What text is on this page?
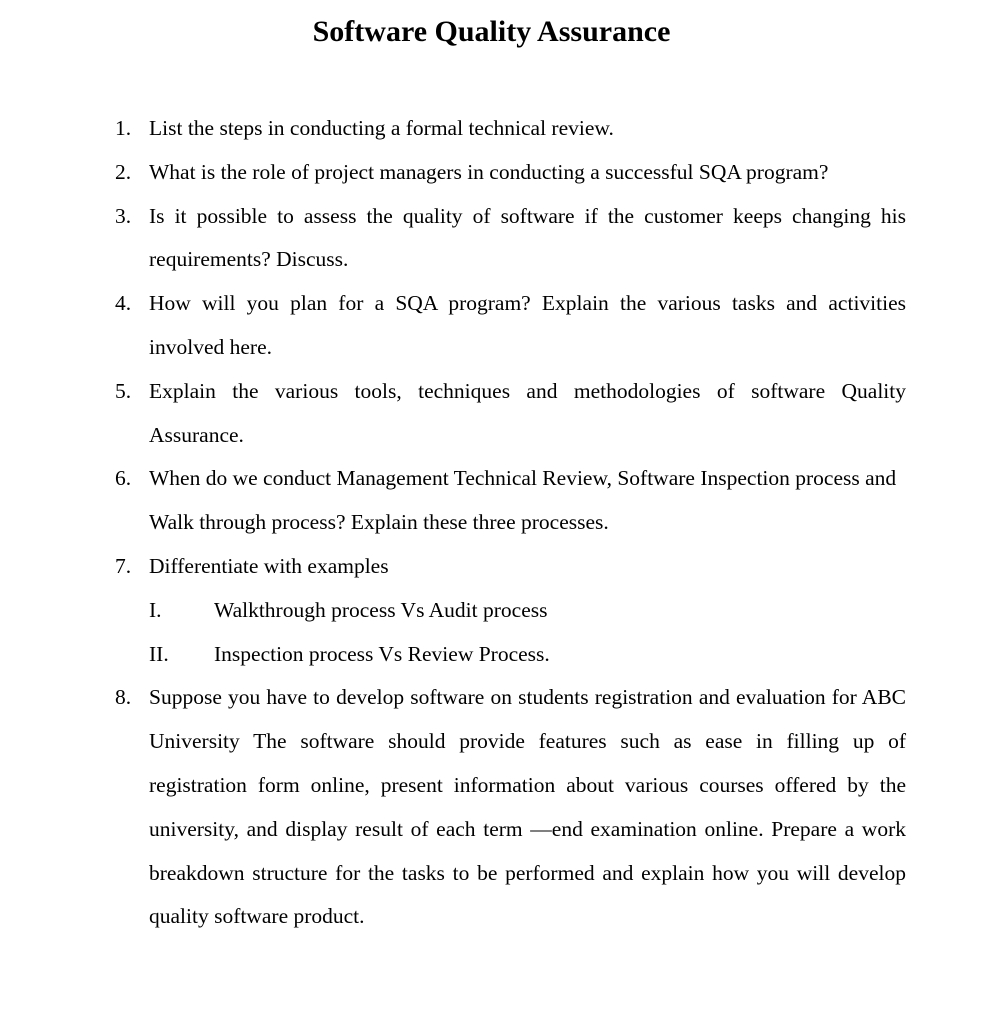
Software Quality Assurance
1. List the steps in conducting a formal technical review.
2. What is the role of project managers in conducting a successful SQA program?
3. Is it possible to assess the quality of software if the customer keeps changing his requirements? Discuss.
4. How will you plan for a SQA program? Explain the various tasks and activities involved here.
5. Explain the various tools, techniques and methodologies of software Quality Assurance.
6. When do we conduct Management Technical Review, Software Inspection process and Walk through process? Explain these three processes.
7. Differentiate with examples
I. Walkthrough process Vs Audit process
II. Inspection process Vs Review Process.
8. Suppose you have to develop software on students registration and evaluation for ABC University The software should provide features such as ease in filling up of registration form online, present information about various courses offered by the university, and display result of each term —end examination online. Prepare a work breakdown structure for the tasks to be performed and explain how you will develop quality software product.
